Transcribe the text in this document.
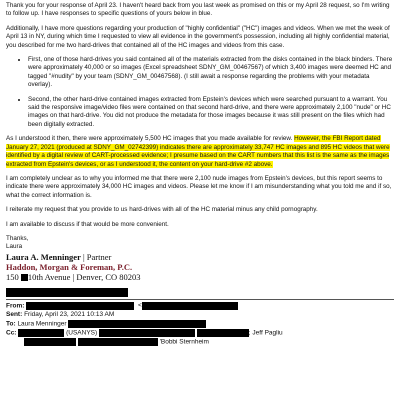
Thank you for your response of April 23. I haven't heard back from you last week as promised on this or my April 28 request, so I'm writing to follow up. I have responses to specific questions of yours below in blue.

Additionally, I have more questions regarding your production of "highly confidential" ("HC") images and videos. When we met the week of April 13 in NY, during which time I requested to view all evidence in the government's possession, including all highly confidential material, you described for me two hard-drives that contained all of the HC images and videos from this case.

• First, one of those hard-drives you said contained all of the materials extracted from the disks contained in the black binders. There were approximately 40,000 or so images (Excel spreadsheet SDNY_GM_00467567) of which 3,400 images were deemed HC and tagged "#nudity" by your team (SDNY_GM_00467568). (I still await a response regarding the problems with your metadata overlay).
• Second, the other hard-drive contained images extracted from Epstein's devices which were searched pursuant to a warrant. You said the responsive image/video files were contained on that second hard-drive, and there were approximately 2,100 "nude" or HC images on that hard-drive. You did not produce the metadata for those images because it was still present on the files which had been digitally extracted.

As I understood it then, there were approximately 5,500 HC images that you made available for review. However, the FBI Report dated January 27, 2021 (produced at SDNY_GM_02742399) indicates there are approximately 33,747 HC images and 895 HC videos that were identified by a digital review of CART-processed evidence; I presume based on the CART numbers that this list is the same as the images extracted from Epstein's devices, or as I understood it, the content on your hard-drive #2 above.

I am completely unclear as to why you informed me that there were 2,100 nude images from Epstein's devices, but this report seems to indicate there were approximately 34,000 HC images and videos. Please let me know if I am misunderstanding what you told me and if so, what the correct information is.

I reiterate my request that you provide to us hard-drives with all of the HC material minus any child pornography.

I am available to discuss if that would be more convenient.

Thanks,
Laura
Laura A. Menninger | Partner
Haddon, Morgan & Foreman, P.C.
150 10th Avenue | Denver, CO 80203
From:	<
Sent: Friday, April 23, 2021 10:13 AM
To: Laura Menninger
Cc:	(USANYS)	; Jeff Pagliu
'Bobbi Sternheim
